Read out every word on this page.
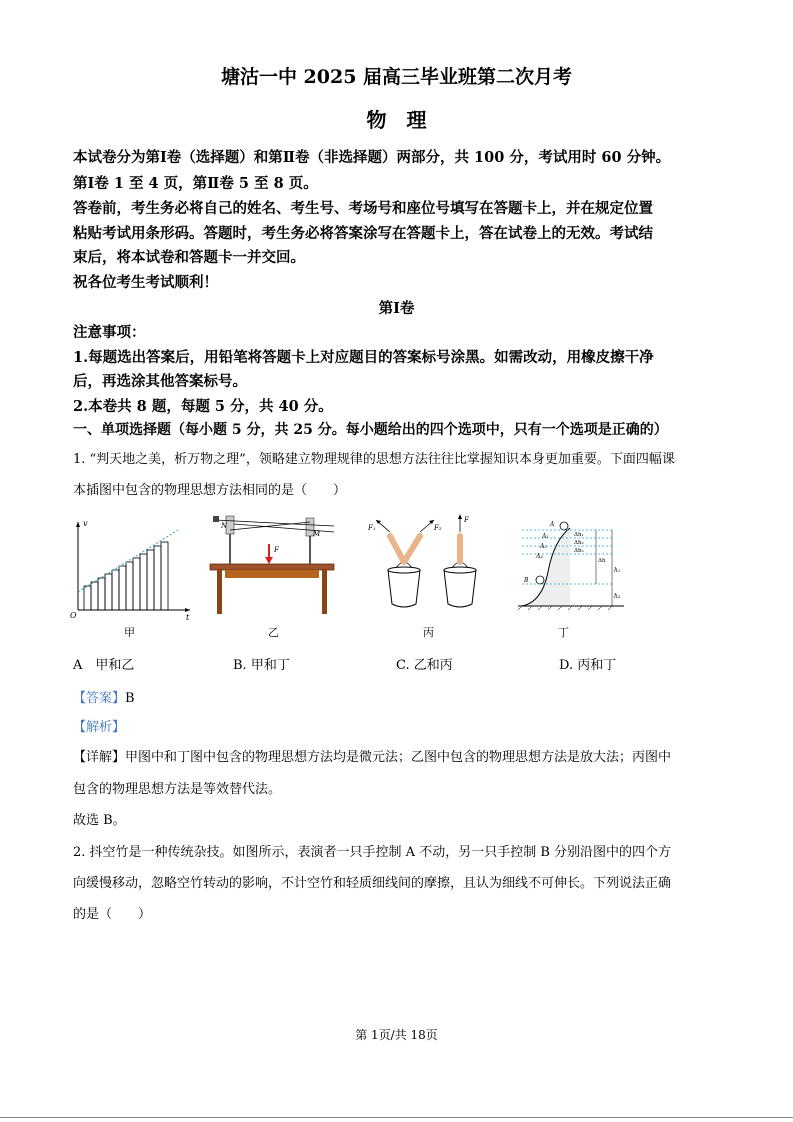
塘沽一中 2025 届高三毕业班第二次月考
物　理
本试卷分为第Ⅰ卷（选择题）和第Ⅱ卷（非选择题）两部分，共 100 分，考试用时 60 分钟。
第Ⅰ卷 1 至 4 页，第Ⅱ卷 5 至 8 页。
答卷前，考生务必将自己的姓名、考生号、考场号和座位号填写在答题卡上，并在规定位置
粘贴考试用条形码。答题时，考生务必将答案涂写在答题卡上，答在试卷上的无效。考试结
束后，将本试卷和答题卡一并交回。
祝各位考生考试顺利！
第Ⅰ卷
注意事项：
1.每题选出答案后，用铅笔将答题卡上对应题目的答案标号涂黑。如需改动，用橡皮擦干净
后，再选涂其他答案标号。
2.本卷共 8 题，每题 5 分，共 40 分。
一、单项选择题（每小题 5 分，共 25 分。每小题给出的四个选项中，只有一个选项是正确的）
1. “判天地之美，析万物之理”，领略建立物理规律的思想方法往往比掌握知识本身更加重要。下面四幅课
本插图中包含的物理思想方法相同的是（　　）
v
t
O
N
M
F
F₁	F₂
F
A
A₁
A₂
A₃
B
Δh₁
Δh₂
Δh₃
Δh
h₁
h₂
甲	乙	丙	丁
A　甲和乙	B. 甲和丁	C. 乙和丙	D. 丙和丁
【答案】B
【解析】
【详解】甲图中和丁图中包含的物理思想方法均是微元法；乙图中包含的物理思想方法是放大法；丙图中
包含的物理思想方法是等效替代法。
故选 B。
2. 抖空竹是一种传统杂技。如图所示，表演者一只手控制 A 不动，另一只手控制 B 分别沿图中的四个方
向缓慢移动，忽略空竹转动的影响，不计空竹和轻质细线间的摩擦，且认为细线不可伸长。下列说法正确
的是（　　）
第 1页/共 18页
